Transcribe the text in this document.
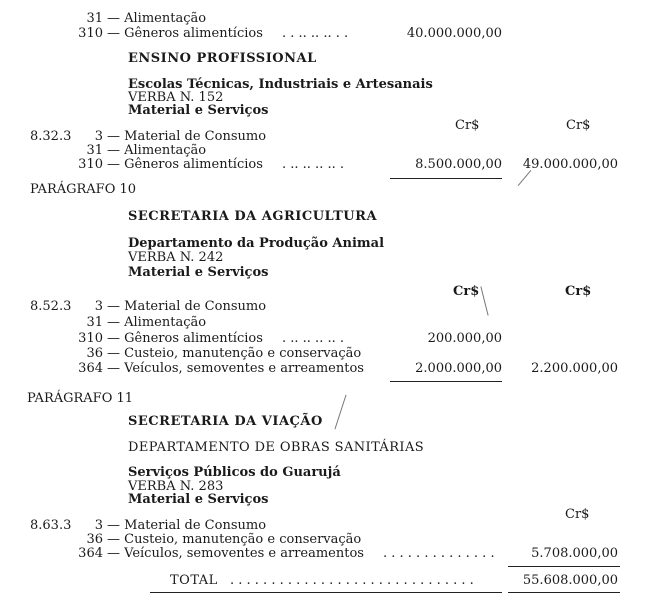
31 — Alimentação
310 — Gêneros alimentícios . . .. .. .. . .	40.000.000,00
ENSINO PROFISSIONAL
Escolas Técnicas, Industriais e Artesanais
VERBA N. 152
Material e Serviços
Cr$	Cr$
8.32.3 3 — Material de Consumo
31 — Alimentação
310 — Gêneros alimentícios . .. .. .. .. .	8.500.000,00 49.000.000,00
PARÁGRAFO 10
SECRETARIA DA AGRICULTURA
Departamento da Produção Animal
VERBA N. 242
Material e Serviços
Cr$	Cr$
8.52.3 3 — Material de Consumo
31 — Alimentação
310 — Gêneros alimentícios . .. .. .. .. .	200.000,00
36 — Custeio, manutenção e conservação
364 — Veículos, semoventes e arreamentos	2.000.000,00 2.200.000,00
PARÁGRAFO 11
SECRETARIA DA VIAÇÃO
DEPARTAMENTO DE OBRAS SANITÁRIAS
Serviços Públicos do Guarujá
VERBA N. 283
Material e Serviços
Cr$
8.63.3 3 — Material de Consumo
36 — Custeio, manutenção e conservação
364 — Veículos, semoventes e arreamentos . . . . . . . . . . . . . .	5.708.000,00
TOTAL . . . . . . . . . . . . . . . . . . . . . . . . . . . . . .	55.608.000,00
